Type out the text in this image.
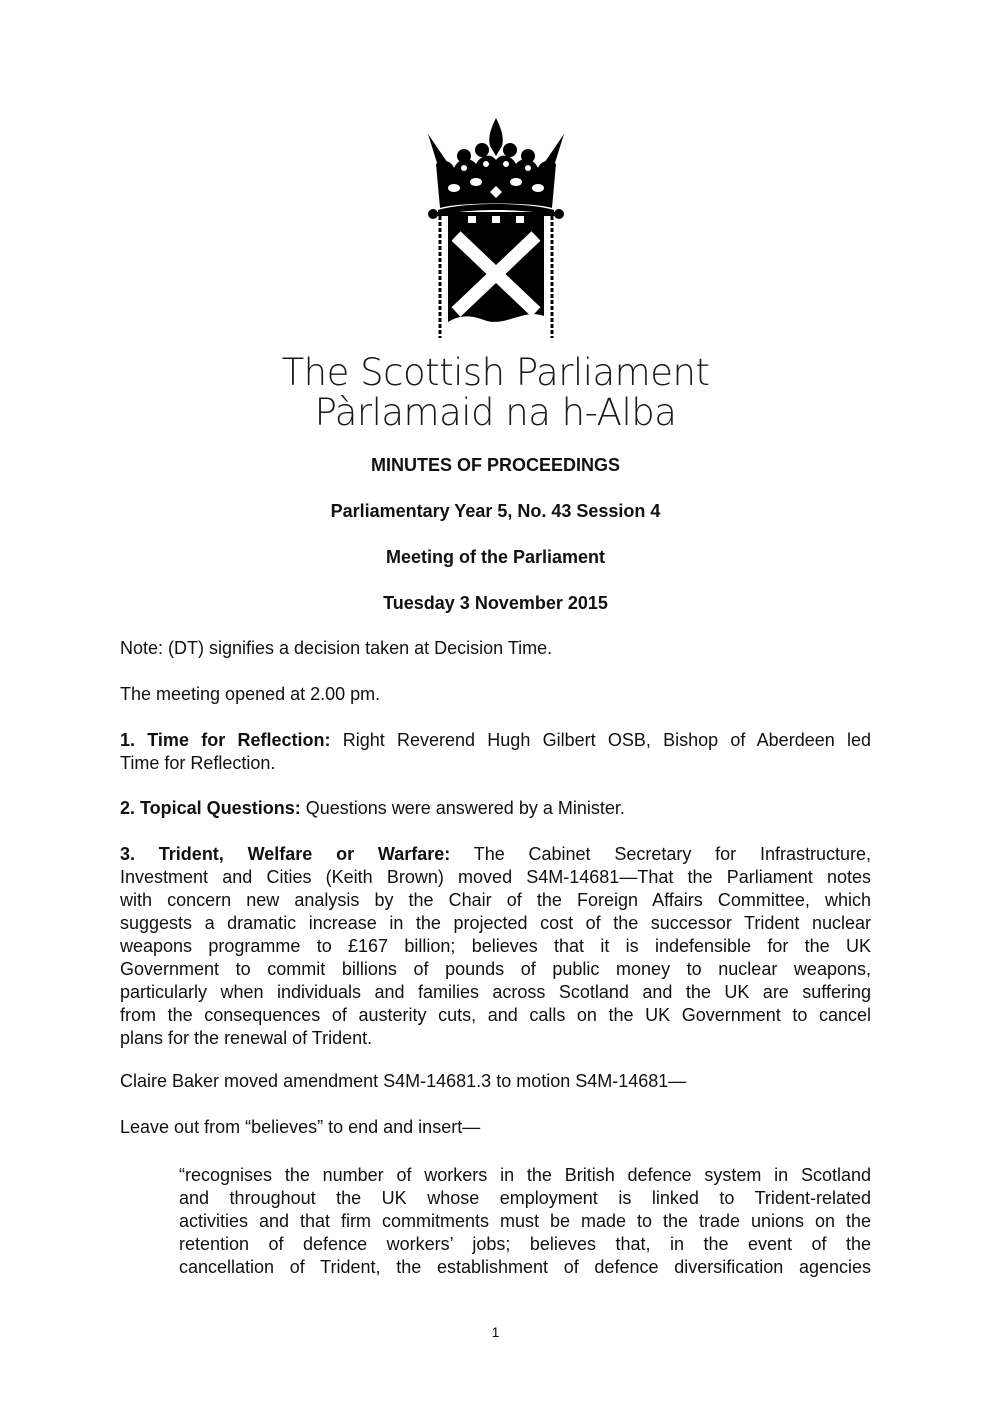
The Scottish Parliament
Pàrlamaid na h-Alba
MINUTES OF PROCEEDINGS
Parliamentary Year 5, No. 43 Session 4
Meeting of the Parliament
Tuesday 3 November 2015

Note: (DT) signifies a decision taken at Decision Time.

The meeting opened at 2.00 pm.

1. Time for Reflection: Right Reverend Hugh Gilbert OSB, Bishop of Aberdeen led
Time for Reflection.
2. Topical Questions: Questions were answered by a Minister.
3. Trident, Welfare or Warfare: The Cabinet Secretary for Infrastructure,
Investment and Cities (Keith Brown) moved S4M-14681—That the Parliament notes
with concern new analysis by the Chair of the Foreign Affairs Committee, which
suggests a dramatic increase in the projected cost of the successor Trident nuclear
weapons programme to £167 billion; believes that it is indefensible for the UK
Government to commit billions of pounds of public money to nuclear weapons,
particularly when individuals and families across Scotland and the UK are suffering
from the consequences of austerity cuts, and calls on the UK Government to cancel
plans for the renewal of Trident.

Claire Baker moved amendment S4M-14681.3 to motion S4M-14681—

Leave out from “believes” to end and insert—

“recognises the number of workers in the British defence system in Scotland
and throughout the UK whose employment is linked to Trident-related
activities and that firm commitments must be made to the trade unions on the
retention of defence workers’ jobs; believes that, in the event of the
cancellation of Trident, the establishment of defence diversification agencies
1
